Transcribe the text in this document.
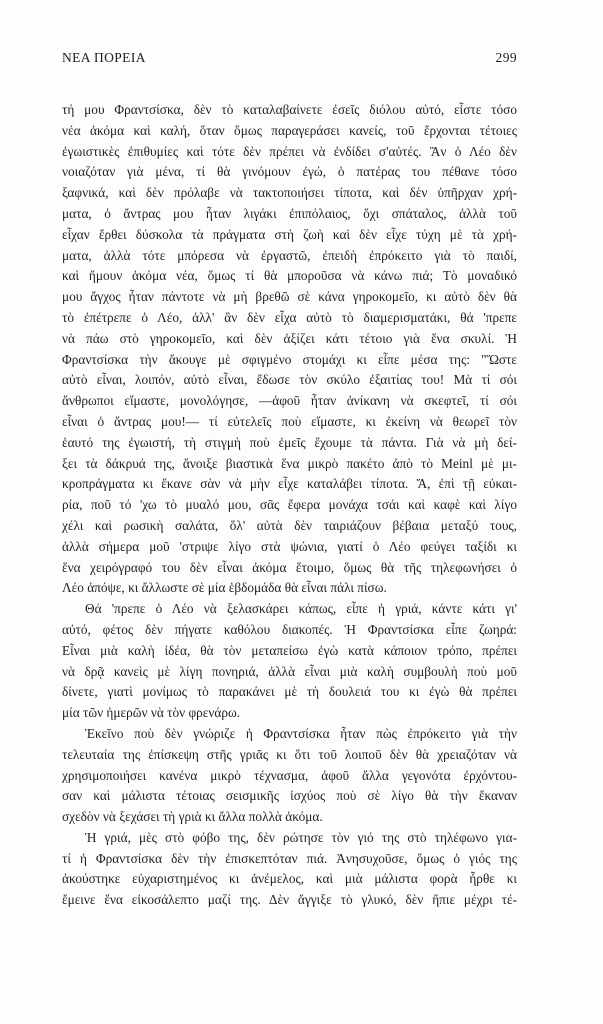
ΝΕΑ ΠΟΡΕΙΑ	299

τή μου Φραντσίσκα, δὲν τὸ καταλαβαίνετε ἐσεῖς διόλου αὐτό, εἶστε τόσο

νέα ἀκόμα καὶ καλή, ὅταν ὅμως παραγεράσει κανείς, τοῦ ἔρχονται τέτοιες

ἐγωιστικὲς ἐπιθυμίες καὶ τότε δὲν πρέπει νὰ ἐνδίδει σ'αὐτές. Ἂν ὁ Λέο δὲν

νοιαζόταν γιὰ μένα, τί θὰ γινόμουν ἐγώ, ὁ πατέρας του πέθανε τόσο

ξαφνικά, καὶ δὲν πρόλαβε νὰ τακτοποιήσει τίποτα, καὶ δὲν ὑπῆρχαν χρή-

ματα, ὁ ἄντρας μου ἦταν λιγάκι ἐπιπόλαιος, ὄχι σπάταλος, ἀλλὰ τοῦ

εἶχαν ἔρθει δύσκολα τὰ πράγματα στὴ ζωὴ καὶ δὲν εἶχε τύχη μὲ τὰ χρή-

ματα, ἀλλὰ τότε μπόρεσα νὰ ἐργαστῶ, ἐπειδὴ ἐπρόκειτο γιὰ τὸ παιδί,

καὶ ἤμουν ἀκόμα νέα, ὅμως τί θὰ μποροῦσα νὰ κάνω πιά; Τὸ μοναδικό

μου ἄγχος ἦταν πάντοτε νὰ μὴ βρεθῶ σὲ κάνα γηροκομεῖο, κι αὐτὸ δὲν θὰ

τὸ ἐπέτρεπε ὁ Λέο, ἀλλ' ἂν δὲν εἶχα αὐτὸ τὸ διαμερισματάκι, θά 'πρεπε

νὰ πάω στὸ γηροκομεῖο, καὶ δὲν ἀξίζει κάτι τέτοιο γιὰ ἕνα σκυλί. Ἡ

Φραντσίσκα τὴν ἄκουγε μὲ σφιγμένο στομάχι κι εἶπε μέσα της: "Ὥστε

αὐτὸ εἶναι, λοιπόν, αὐτὸ εἶναι, ἔδωσε τὸν σκύλο ἐξαιτίας του! Μὰ τί σόι

ἄνθρωποι εἴμαστε, μονολόγησε, —ἀφοῦ ἦταν ἀνίκανη νὰ σκεφτεῖ, τί σόι

εἶναι ὁ ἄντρας μου!— τί εὐτελεῖς ποὺ εἴμαστε, κι ἐκείνη νὰ θεωρεῖ τὸν

ἑαυτό της ἐγωιστή, τὴ στιγμὴ ποὺ ἐμεῖς ἔχουμε τὰ πάντα. Γιὰ νὰ μὴ δεί-

ξει τὰ δάκρυά της, ἄνοιξε βιαστικὰ ἕνα μικρὸ πακέτο ἀπὸ τὸ Meinl μὲ μι-

κροπράγματα κι ἔκανε σὰν νὰ μὴν εἶχε καταλάβει τίποτα. Ἄ, ἐπὶ τῇ εὐκαι-

ρία, ποῦ τό 'χω τὸ μυαλό μου, σᾶς ἔφερα μονάχα τσάι καὶ καφὲ καὶ λίγο

χέλι καὶ ρωσικὴ σαλάτα, ὅλ' αὐτὰ δὲν ταιριάζουν βέβαια μεταξύ τους,

ἀλλὰ σήμερα μοῦ 'στριψε λίγο στὰ ψώνια, γιατί ὁ Λέο φεύγει ταξίδι κι

ἕνα χειρόγραφό του δὲν εἶναι ἀκόμα ἕτοιμο, ὅμως θὰ τῆς τηλεφωνήσει ὁ

Λέο ἀπόψε, κι ἄλλωστε σὲ μία ἑβδομάδα θὰ εἶναι πάλι πίσω.

Θά 'πρεπε ὁ Λέο νὰ ξελασκάρει κάπως, εἶπε ἡ γριά, κάντε κάτι γι'

αὐτό, φέτος δὲν πήγατε καθόλου διακοπές. Ἡ Φραντσίσκα εἶπε ζωηρά:

Εἶναι μιὰ καλὴ ἰδέα, θὰ τὸν μεταπείσω ἐγὼ κατὰ κάποιον τρόπο, πρέπει

νὰ δρᾷ κανεὶς μὲ λίγη πονηριά, ἀλλὰ εἶναι μιὰ καλὴ συμβουλὴ ποὺ μοῦ

δίνετε, γιατὶ μονίμως τὸ παρακάνει μὲ τὴ δουλειά του κι ἐγὼ θὰ πρέπει

μία τῶν ἡμερῶν νὰ τὸν φρενάρω.

Ἐκεῖνο ποὺ δὲν γνώριζε ἡ Φραντσίσκα ἦταν πὼς ἐπρόκειτο γιὰ τὴν

τελευταία της ἐπίσκεψη στῆς γριᾶς κι ὅτι τοῦ λοιποῦ δὲν θὰ χρειαζόταν νὰ

χρησιμοποιήσει κανένα μικρὸ τέχνασμα, ἀφοῦ ἄλλα γεγονότα ἐρχόντου-

σαν καὶ μάλιστα τέτοιας σεισμικῆς ἰσχύος ποὺ σὲ λίγο θὰ τὴν ἔκαναν

σχεδὸν νὰ ξεχάσει τὴ γριὰ κι ἄλλα πολλὰ ἀκόμα.

Ἡ γριά, μὲς στὸ φόβο της, δὲν ρώτησε τὸν γιό της στὸ τηλέφωνο για-

τί ἡ Φραντσίσκα δὲν τὴν ἐπισκεπτόταν πιά. Ἀνησυχοῦσε, ὅμως ὁ γιός της

ἀκούστηκε εὐχαριστημένος κι ἀνέμελος, καὶ μιὰ μάλιστα φορὰ ἦρθε κι

ἔμεινε ἕνα εἰκοσάλεπτο μαζί της. Δὲν ἄγγιξε τὸ γλυκό, δὲν ἤπιε μέχρι τέ-
